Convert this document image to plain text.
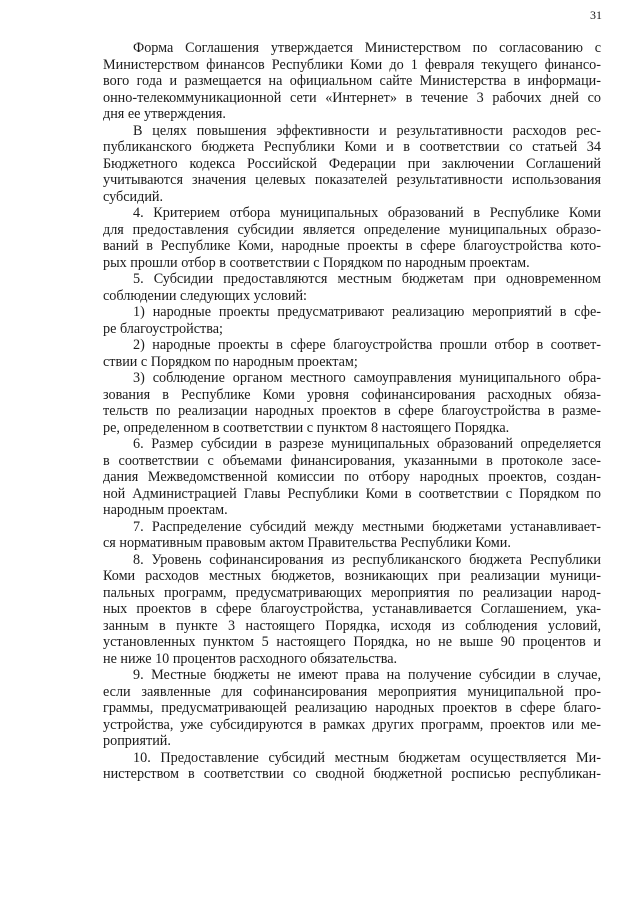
31

Форма Соглашения утверждается Министерством по согласованию с
Министерством финансов Республики Коми до 1 февраля текущего финансо-
вого года и размещается на официальном сайте Министерства в информаци-
онно-телекоммуникационной сети «Интернет» в течение 3 рабочих дней со
дня ее утверждения.

В целях повышения эффективности и результативности расходов рес-
публиканского бюджета Республики Коми и в соответствии со статьей 34
Бюджетного кодекса Российской Федерации при заключении Соглашений
учитываются значения целевых показателей результативности использования
субсидий.

4. Критерием отбора муниципальных образований в Республике Коми
для предоставления субсидии является определение муниципальных образо-
ваний в Республике Коми, народные проекты в сфере благоустройства кото-
рых прошли отбор в соответствии с Порядком по народным проектам.

5. Субсидии предоставляются местным бюджетам при одновременном
соблюдении следующих условий:

1) народные проекты предусматривают реализацию мероприятий в сфе-
ре благоустройства;

2) народные проекты в сфере благоустройства прошли отбор в соответ-
ствии с Порядком по народным проектам;

3) соблюдение органом местного самоуправления муниципального обра-
зования в Республике Коми уровня софинансирования расходных обяза-
тельств по реализации народных проектов в сфере благоустройства в разме-
ре, определенном в соответствии с пунктом 8 настоящего Порядка.

6. Размер субсидии в разрезе муниципальных образований определяется
в соответствии с объемами финансирования, указанными в протоколе засе-
дания Межведомственной комиссии по отбору народных проектов, создан-
ной Администрацией Главы Республики Коми в соответствии с Порядком по
народным проектам.

7. Распределение субсидий между местными бюджетами устанавливает-
ся нормативным правовым актом Правительства Республики Коми.

8. Уровень софинансирования из республиканского бюджета Республики
Коми расходов местных бюджетов, возникающих при реализации муници-
пальных программ, предусматривающих мероприятия по реализации народ-
ных проектов в сфере благоустройства, устанавливается Соглашением, ука-
занным в пункте 3 настоящего Порядка, исходя из соблюдения условий,
установленных пунктом 5 настоящего Порядка, но не выше 90 процентов и
не ниже 10 процентов расходного обязательства.

9. Местные бюджеты не имеют права на получение субсидии в случае,
если заявленные для софинансирования мероприятия муниципальной про-
граммы, предусматривающей реализацию народных проектов в сфере благо-
устройства, уже субсидируются в рамках других программ, проектов или ме-
роприятий.

10. Предоставление субсидий местным бюджетам осуществляется Ми-
нистерством в соответствии со сводной бюджетной росписью республикан-
